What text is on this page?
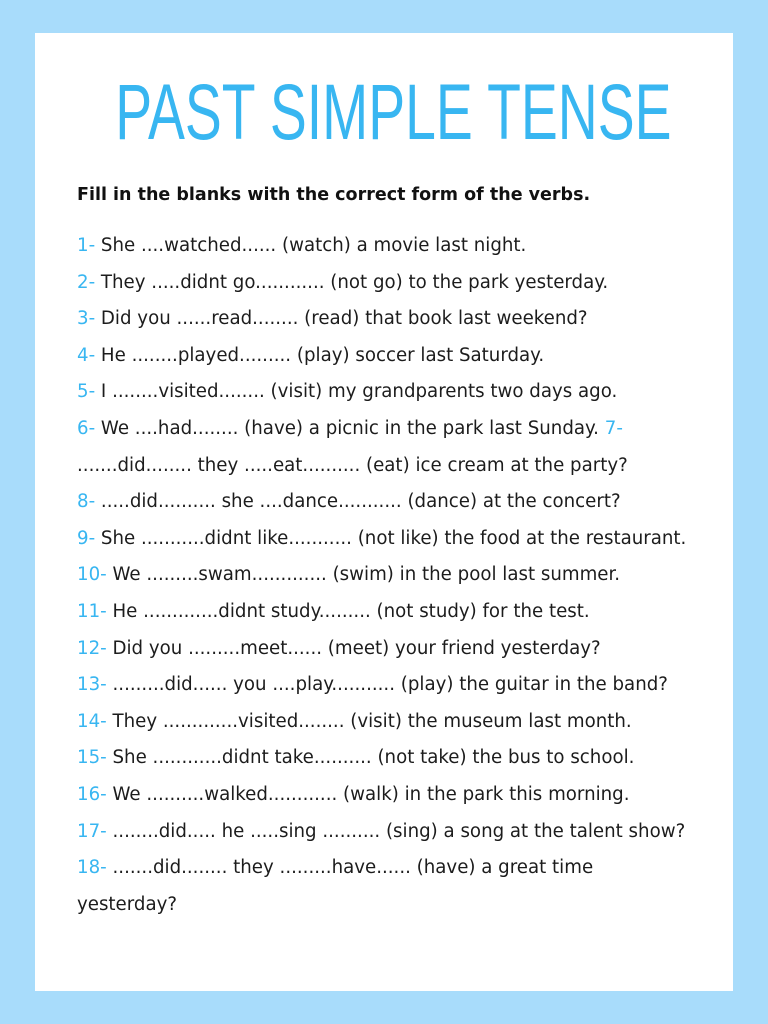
PAST SIMPLE TENSE

Fill in the blanks with the correct form of the verbs.

1- She ....watched...... (watch) a movie last night.
2- They .....didnt go............ (not go) to the park yesterday.
3- Did you ......read........ (read) that book last weekend?
4- He ........played......... (play) soccer last Saturday.
5- I ........visited........ (visit) my grandparents two days ago.
6- We ....had........ (have) a picnic in the park last Sunday. 7- .......did........ they .....eat.......... (eat) ice cream at the party?
8- .....did.......... she ....dance........... (dance) at the concert?
9- She ...........didnt like........... (not like) the food at the restaurant.
10- We .........swam............. (swim) in the pool last summer.
11- He .............didnt study......... (not study) for the test.
12- Did you .........meet...... (meet) your friend yesterday?
13- .........did...... you ....play........... (play) the guitar in the band?
14- They .............visited........ (visit) the museum last month.
15- She ............didnt take.......... (not take) the bus to school.
16- We ..........walked............ (walk) in the park this morning.
17- ........did..... he .....sing .......... (sing) a song at the talent show?
18- .......did........ they .........have...... (have) a great time yesterday?
